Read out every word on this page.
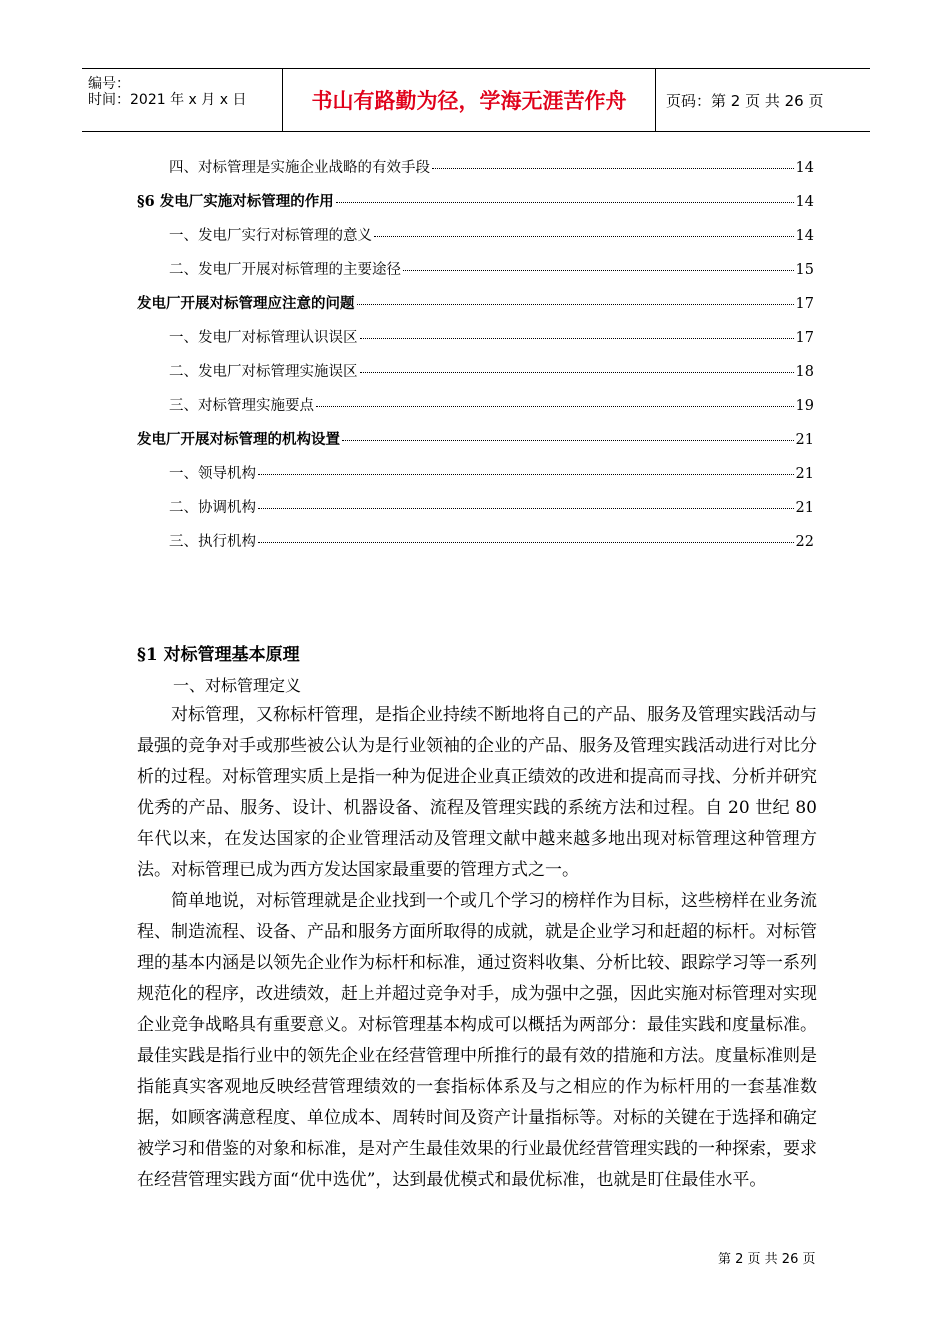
编号：
时间：2021 年 x 月 x 日	书山有路勤为径，学海无涯苦作舟	页码：第 2 页 共 26 页
四、对标管理是实施企业战略的有效手段	14
§6 发电厂实施对标管理的作用	14
一、发电厂实行对标管理的意义	14
二、发电厂开展对标管理的主要途径	15
发电厂开展对标管理应注意的问题	17
一、发电厂对标管理认识误区	17
二、发电厂对标管理实施误区	18
三、对标管理实施要点	19
发电厂开展对标管理的机构设置	21
一、领导机构	21
二、协调机构	21
三、执行机构	22
§1 对标管理基本原理
一、对标管理定义

对标管理，又称标杆管理，是指企业持续不断地将自己的产品、服务及管理实践活动与最强的竞争对手或那些被公认为是行业领袖的企业的产品、服务及管理实践活动进行对比分析的过程。对标管理实质上是指一种为促进企业真正绩效的改进和提高而寻找、分析并研究优秀的产品、服务、设计、机器设备、流程及管理实践的系统方法和过程。自 20 世纪 80 年代以来，在发达国家的企业管理活动及管理文献中越来越多地出现对标管理这种管理方法。对标管理已成为西方发达国家最重要的管理方式之一。

简单地说，对标管理就是企业找到一个或几个学习的榜样作为目标，这些榜样在业务流程、制造流程、设备、产品和服务方面所取得的成就，就是企业学习和赶超的标杆。对标管理的基本内涵是以领先企业作为标杆和标准，通过资料收集、分析比较、跟踪学习等一系列规范化的程序，改进绩效，赶上并超过竞争对手，成为强中之强，因此实施对标管理对实现企业竞争战略具有重要意义。对标管理基本构成可以概括为两部分：最佳实践和度量标准。最佳实践是指行业中的领先企业在经营管理中所推行的最有效的措施和方法。度量标准则是指能真实客观地反映经营管理绩效的一套指标体系及与之相应的作为标杆用的一套基准数据，如顾客满意程度、单位成本、周转时间及资产计量指标等。对标的关键在于选择和确定被学习和借鉴的对象和标准，是对产生最佳效果的行业最优经营管理实践的一种探索，要求在经营管理实践方面“优中选优”，达到最优模式和最优标准，也就是盯住最佳水平。

第 2 页 共 26 页
